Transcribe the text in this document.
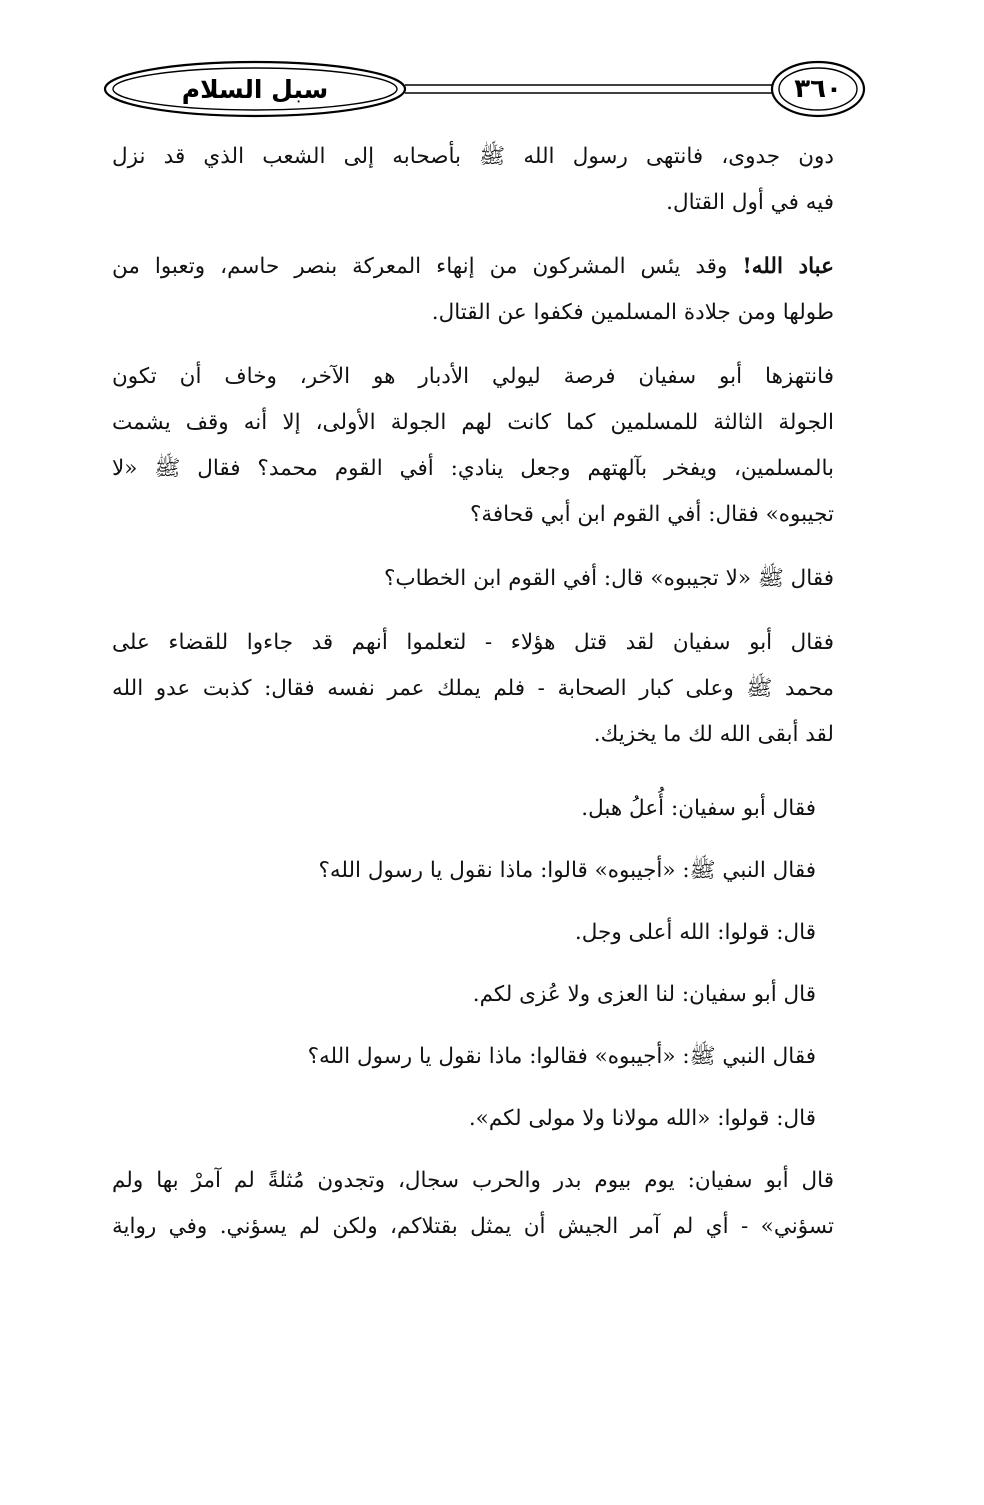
سبل السلام	٣٦٠

دون جدوى، فانتهى رسول الله ﷺ بأصحابه إلى الشعب الذي قد نزل
فيه في أول القتال.

عباد الله! وقد يئس المشركون من إنهاء المعركة بنصر حاسم، وتعبوا من
طولها ومن جلادة المسلمين فكفوا عن القتال.

فانتهزها أبو سفيان فرصة ليولي الأدبار هو الآخر، وخاف أن تكون
الجولة الثالثة للمسلمين كما كانت لهم الجولة الأولى، إلا أنه وقف يشمت
بالمسلمين، ويفخر بآلهتهم وجعل ينادي: أفي القوم محمد؟ فقال ﷺ «لا
تجيبوه» فقال: أفي القوم ابن أبي قحافة؟

فقال ﷺ «لا تجيبوه» قال: أفي القوم ابن الخطاب؟

فقال أبو سفيان لقد قتل هؤلاء - لتعلموا أنهم قد جاءوا للقضاء على
محمد ﷺ وعلى كبار الصحابة - فلم يملك عمر نفسه فقال: كذبت عدو الله
لقد أبقى الله لك ما يخزيك.

فقال أبو سفيان: أُعلُ هبل.

فقال النبي ﷺ: «أجيبوه» قالوا: ماذا نقول يا رسول الله؟

قال: قولوا: الله أعلى وجل.

قال أبو سفيان: لنا العزى ولا عُزى لكم.

فقال النبي ﷺ: «أجيبوه» فقالوا: ماذا نقول يا رسول الله؟

قال: قولوا: «الله مولانا ولا مولى لكم».

قال أبو سفيان: يوم بيوم بدر والحرب سجال، وتجدون مُثلةً لم آمرْ بها ولم
تسؤني» - أي لم آمر الجيش أن يمثل بقتلاكم، ولكن لم يسؤني. وفي رواية
